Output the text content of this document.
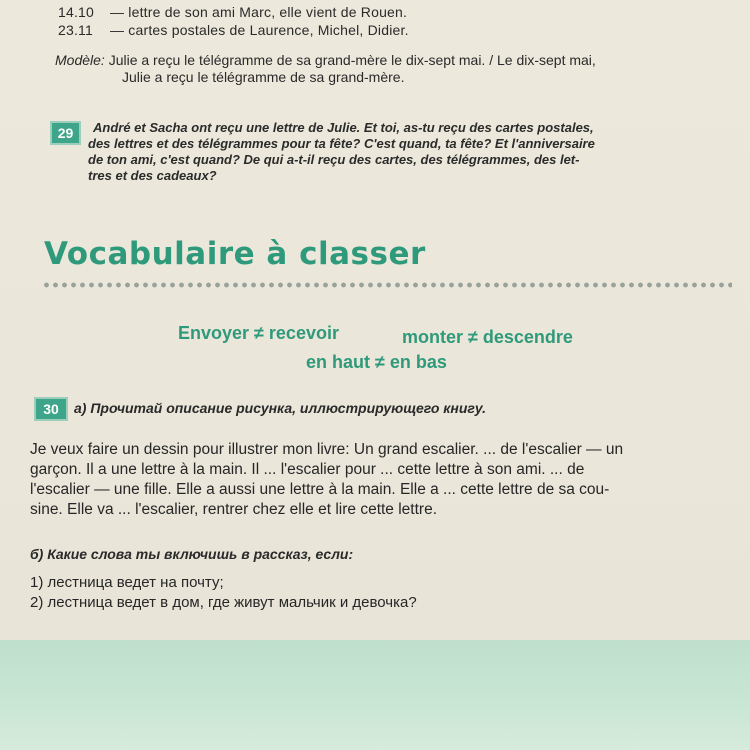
14.10 — lettre de son ami Marc, elle vient de Rouen.
23.11 — cartes postales de Laurence, Michel, Didier.
Modèle: Julie a reçu le télégramme de sa grand-mère le dix-sept mai. / Le dix-sept mai,
Julie a reçu le télégramme de sa grand-mère.
29	André et Sacha ont reçu une lettre de Julie. Et toi, as-tu reçu des cartes postales,
des lettres et des télégrammes pour ta fête? C'est quand, ta fête? Et l'anniversaire
de ton ami, c'est quand? De qui a-t-il reçu des cartes, des télégrammes, des let-
tres et des cadeaux?
Vocabulaire à classer
Envoyer ≠ recevoir	monter ≠ descendre
en haut ≠ en bas
30	а) Прочитай описание рисунка, иллюстрирующего книгу.
Je veux faire un dessin pour illustrer mon livre: Un grand escalier. ... de l'escalier — un
garçon. Il a une lettre à la main. Il ... l'escalier pour ... cette lettre à son ami. ... de
l'escalier — une fille. Elle a aussi une lettre à la main. Elle a ... cette lettre de sa cou-
sine. Elle va ... l'escalier, rentrer chez elle et lire cette lettre.
б) Какие слова ты включишь в рассказ, если:
1) лестница ведет на почту;
2) лестница ведет в дом, где живут мальчик и девочка?
